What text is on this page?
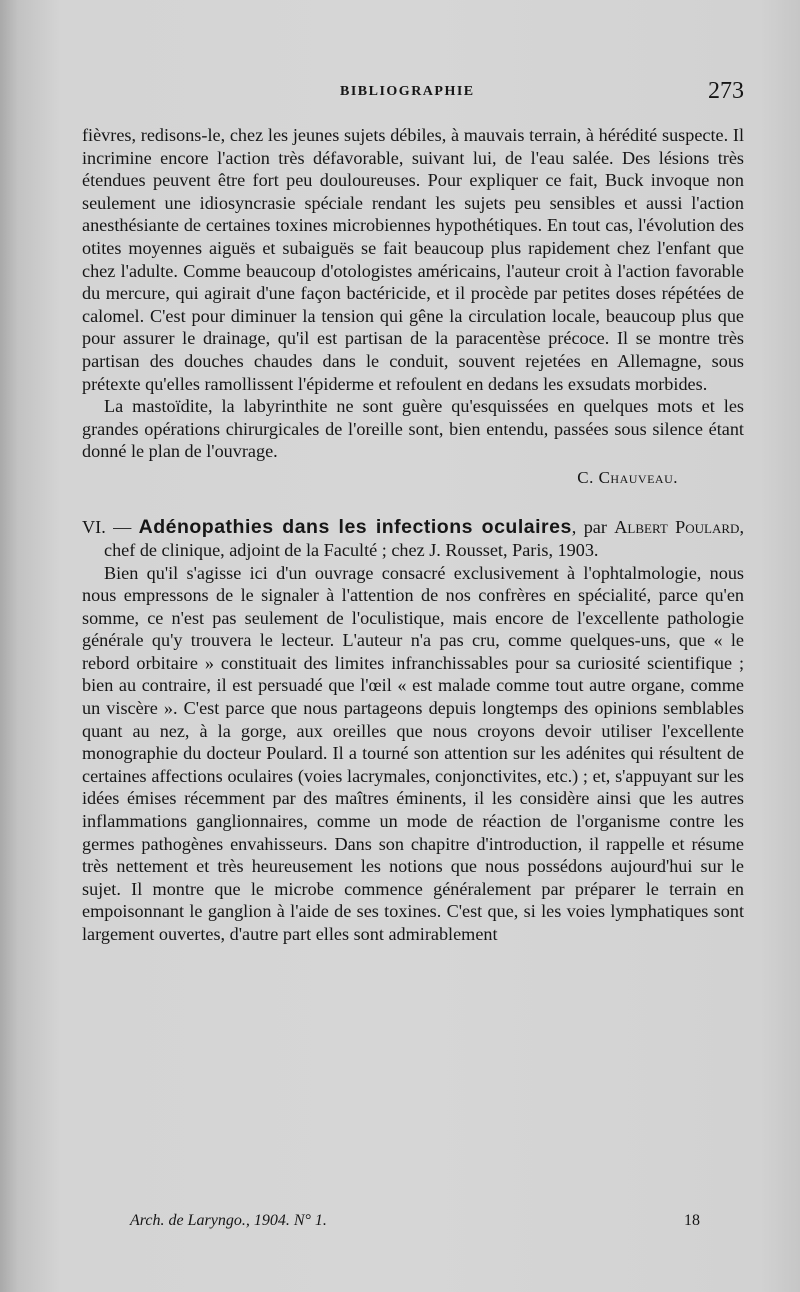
BIBLIOGRAPHIE	273

fièvres, redisons-le, chez les jeunes sujets débiles, à mauvais terrain, à hérédité suspecte. Il incrimine encore l'action très défavorable, suivant lui, de l'eau salée. Des lésions très étendues peuvent être fort peu douloureuses. Pour expliquer ce fait, Buck invoque non seulement une idiosyncrasie spéciale rendant les sujets peu sensibles et aussi l'action anesthésiante de certaines toxines microbiennes hypothétiques. En tout cas, l'évolution des otites moyennes aiguës et subaiguës se fait beaucoup plus rapidement chez l'enfant que chez l'adulte. Comme beaucoup d'otologistes américains, l'auteur croit à l'action favorable du mercure, qui agirait d'une façon bactéricide, et il procède par petites doses répétées de calomel. C'est pour diminuer la tension qui gêne la circulation locale, beaucoup plus que pour assurer le drainage, qu'il est partisan de la paracentèse précoce. Il se montre très partisan des douches chaudes dans le conduit, souvent rejetées en Allemagne, sous prétexte qu'elles ramollissent l'épiderme et refoulent en dedans les exsudats morbides.

La mastoïdite, la labyrinthite ne sont guère qu'esquissées en quelques mots et les grandes opérations chirurgicales de l'oreille sont, bien entendu, passées sous silence étant donné le plan de l'ouvrage.

C. Chauveau.
VI. — Adénopathies dans les infections oculaires, par Albert Poulard, chef de clinique, adjoint de la Faculté ; chez J. Rousset, Paris, 1903.

Bien qu'il s'agisse ici d'un ouvrage consacré exclusivement à l'ophtalmologie, nous nous empressons de le signaler à l'attention de nos confrères en spécialité, parce qu'en somme, ce n'est pas seulement de l'oculistique, mais encore de l'excellente pathologie générale qu'y trouvera le lecteur. L'auteur n'a pas cru, comme quelques-uns, que « le rebord orbitaire » constituait des limites infranchissables pour sa curiosité scientifique ; bien au contraire, il est persuadé que l'œil « est malade comme tout autre organe, comme un viscère ». C'est parce que nous partageons depuis longtemps des opinions semblables quant au nez, à la gorge, aux oreilles que nous croyons devoir utiliser l'excellente monographie du docteur Poulard. Il a tourné son attention sur les adénites qui résultent de certaines affections oculaires (voies lacrymales, conjonctivites, etc.) ; et, s'appuyant sur les idées émises récemment par des maîtres éminents, il les considère ainsi que les autres inflammations ganglionnaires, comme un mode de réaction de l'organisme contre les germes pathogènes envahisseurs. Dans son chapitre d'introduction, il rappelle et résume très nettement et très heureusement les notions que nous possédons aujourd'hui sur le sujet. Il montre que le microbe commence généralement par préparer le terrain en empoisonnant le ganglion à l'aide de ses toxines. C'est que, si les voies lymphatiques sont largement ouvertes, d'autre part elles sont admirablement

Arch. de Laryngo., 1904. N° 1.	18
